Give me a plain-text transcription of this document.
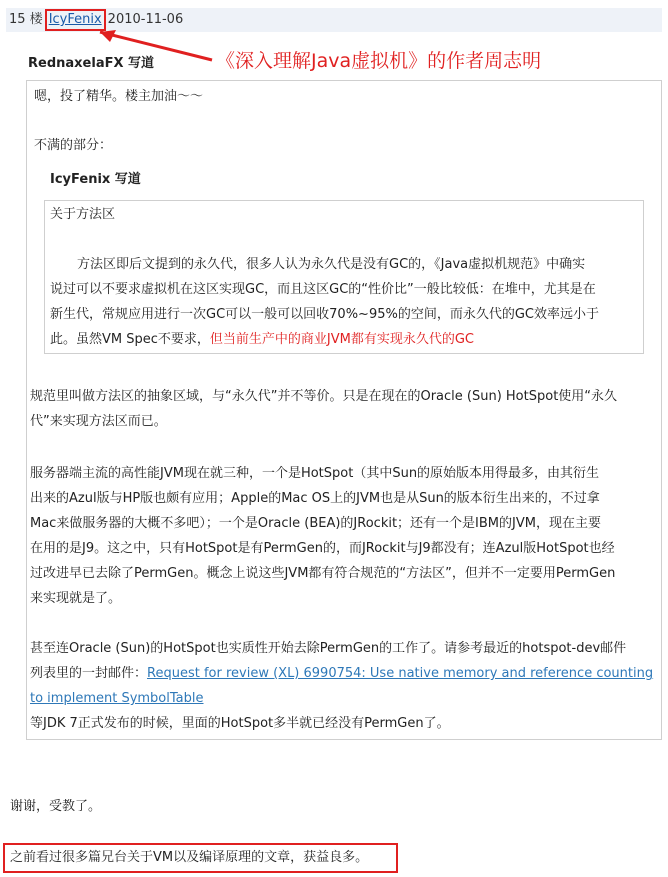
15 楼 IcyFenix 2010-11-06
《深入理解Java虚拟机》的作者周志明
RednaxelaFX 写道
嗯，投了精华。楼主加油～～
不满的部分：
IcyFenix 写道
关于方法区
方法区即后文提到的永久代，很多人认为永久代是没有GC的，《Java虚拟机规范》中确实
说过可以不要求虚拟机在这区实现GC，而且这区GC的“性价比”一般比较低：在堆中，尤其是在
新生代，常规应用进行一次GC可以一般可以回收70%~95%的空间，而永久代的GC效率远小于
此。虽然VM Spec不要求，但当前生产中的商业JVM都有实现永久代的GC
规范里叫做方法区的抽象区域，与“永久代”并不等价。只是在现在的Oracle (Sun) HotSpot使用“永久
代”来实现方法区而已。
服务器端主流的高性能JVM现在就三种，一个是HotSpot（其中Sun的原始版本用得最多，由其衍生
出来的Azul版与HP版也颇有应用；Apple的Mac OS上的JVM也是从Sun的版本衍生出来的，不过拿
Mac来做服务器的大概不多吧）；一个是Oracle (BEA)的JRockit；还有一个是IBM的JVM，现在主要
在用的是J9。这之中，只有HotSpot是有PermGen的，而JRockit与J9都没有；连Azul版HotSpot也经
过改进早已去除了PermGen。概念上说这些JVM都有符合规范的“方法区”，但并不一定要用PermGen
来实现就是了。
甚至连Oracle (Sun)的HotSpot也实质性开始去除PermGen的工作了。请参考最近的hotspot-dev邮件
列表里的一封邮件：Request for review (XL) 6990754: Use native memory and reference counting
to implement SymbolTable
等JDK 7正式发布的时候，里面的HotSpot多半就已经没有PermGen了。
谢谢，受教了。
之前看过很多篇兄台关于VM以及编译原理的文章，获益良多。
